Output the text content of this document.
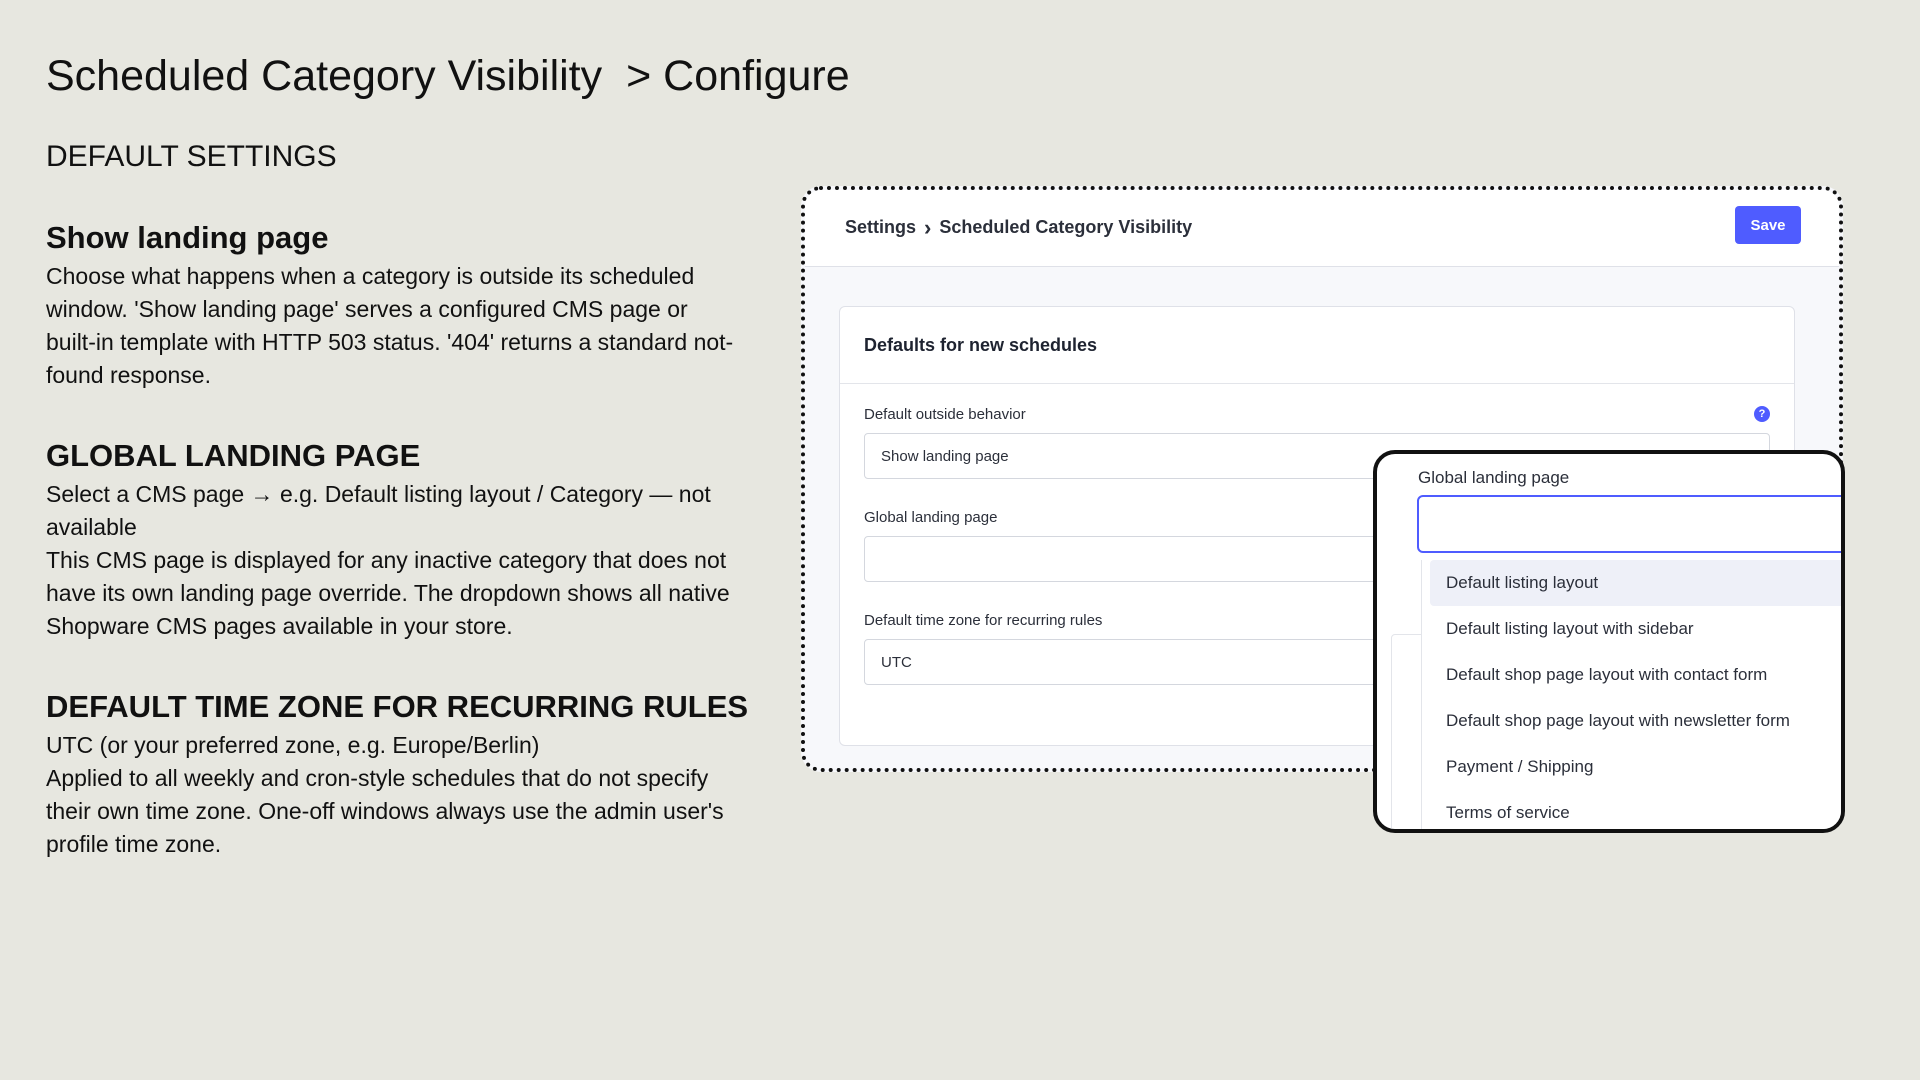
Scheduled Category Visibility > Configure
DEFAULT SETTINGS
Show landing page

Choose what happens when a category is outside its scheduled
window. 'Show landing page' serves a configured CMS page or
built-in template with HTTP 503 status. '404' returns a standard not-
found response.

GLOBAL LANDING PAGE

Select a CMS page → e.g. Default listing layout / Category — not
available
This CMS page is displayed for any inactive category that does not
have its own landing page override. The dropdown shows all native
Shopware CMS pages available in your store.

DEFAULT TIME ZONE FOR RECURRING RULES

UTC (or your preferred zone, e.g. Europe/Berlin)
Applied to all weekly and cron-style schedules that do not specify
their own time zone. One-off windows always use the admin user's
profile time zone.

Settings › Scheduled Category Visibility	Save
Defaults for new schedules
Default outside behavior	?
Show landing page
Global landing page
Default time zone for recurring rules
UTC
Global landing page
Default listing layout
Default listing layout with sidebar
Default shop page layout with contact form
Default shop page layout with newsletter form
Payment / Shipping
Terms of service
